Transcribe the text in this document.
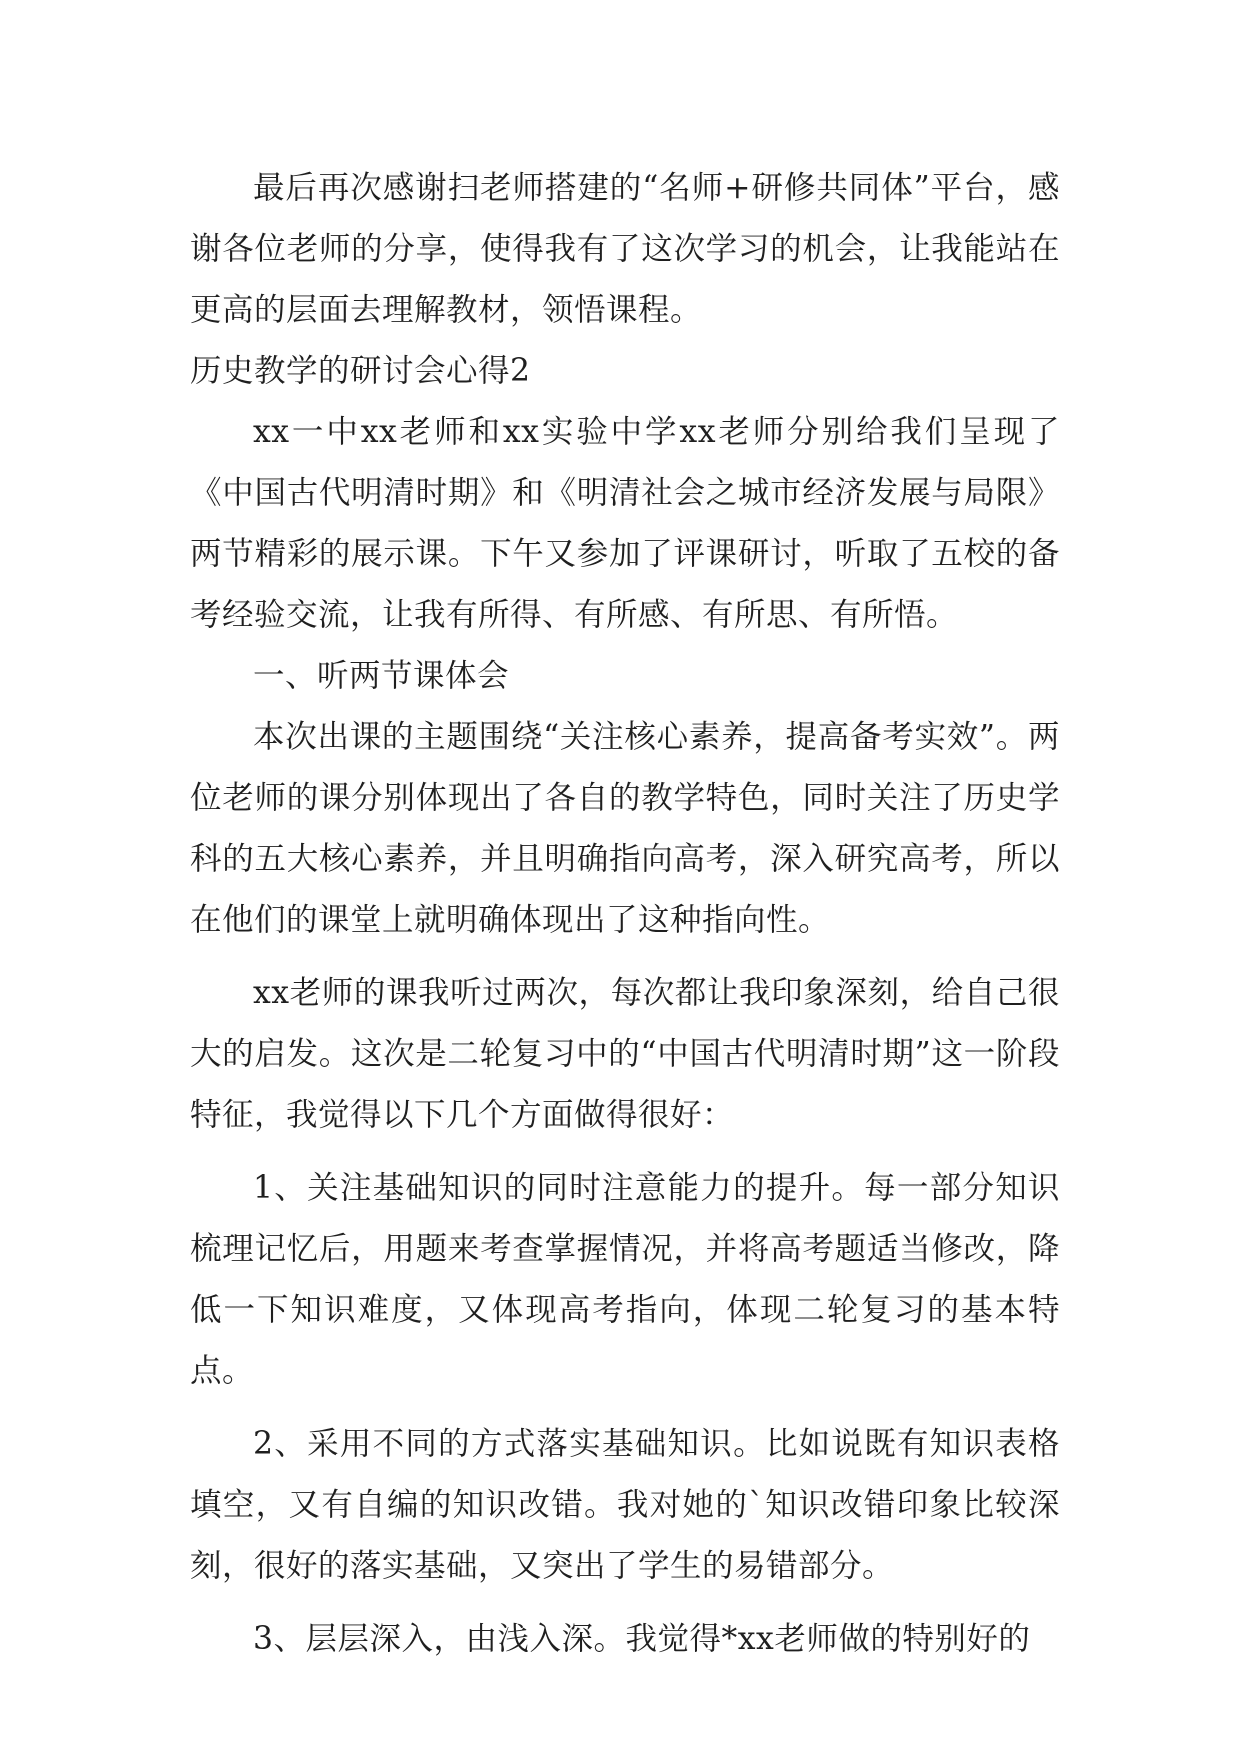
最后再次感谢扫老师搭建的“名师+研修共同体”平台，感谢各位老师的分享，使得我有了这次学习的机会，让我能站在更高的层面去理解教材，领悟课程。

历史教学的研讨会心得2

xx一中xx老师和xx实验中学xx老师分别给我们呈现了《中国古代明清时期》和《明清社会之城市经济发展与局限》两节精彩的展示课。下午又参加了评课研讨，听取了五校的备考经验交流，让我有所得、有所感、有所思、有所悟。

一、听两节课体会

本次出课的主题围绕“关注核心素养，提高备考实效”。两位老师的课分别体现出了各自的教学特色，同时关注了历史学科的五大核心素养，并且明确指向高考，深入研究高考，所以在他们的课堂上就明确体现出了这种指向性。

xx老师的课我听过两次，每次都让我印象深刻，给自己很大的启发。这次是二轮复习中的“中国古代明清时期”这一阶段特征，我觉得以下几个方面做得很好：

1、关注基础知识的同时注意能力的提升。每一部分知识梳理记忆后，用题来考查掌握情况，并将高考题适当修改，降低一下知识难度，又体现高考指向，体现二轮复习的基本特点。

2、采用不同的方式落实基础知识。比如说既有知识表格填空，又有自编的知识改错。我对她的`知识改错印象比较深刻，很好的落实基础，又突出了学生的易错部分。

3、层层深入，由浅入深。我觉得*xx老师做的特别好的
